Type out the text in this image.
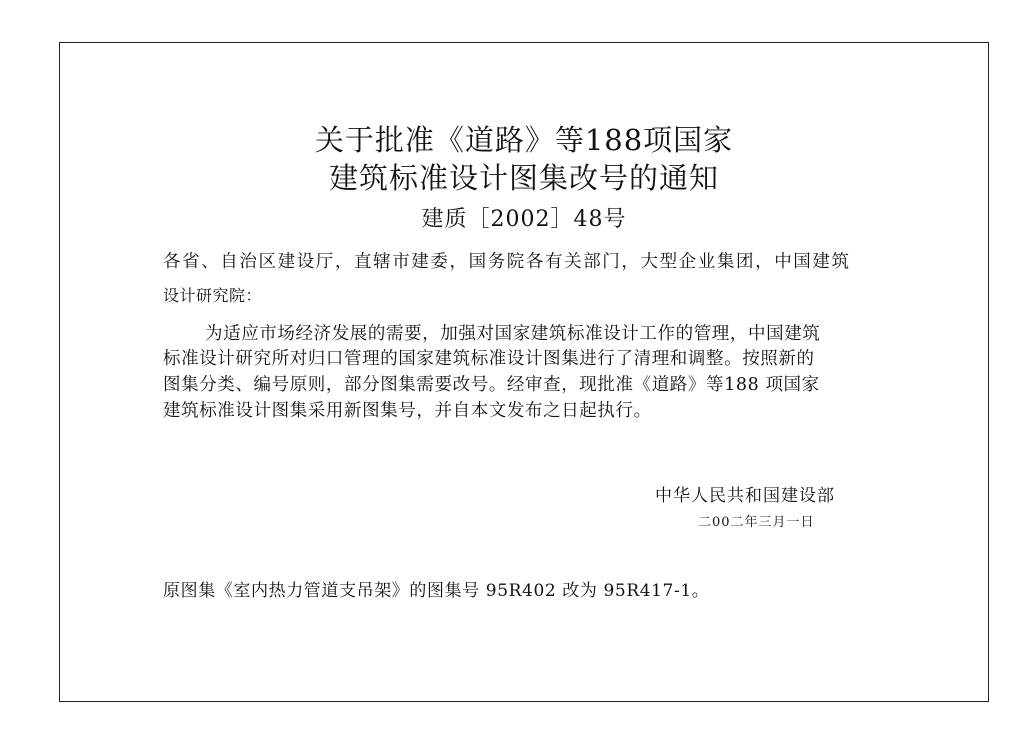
关于批准《道路》等188项国家
建筑标准设计图集改号的通知
建质［2002］48号
各省、自治区建设厅，直辖市建委，国务院各有关部门，大型企业集团，中国建筑
设计研究院：
为适应市场经济发展的需要，加强对国家建筑标准设计工作的管理，中国建筑
标准设计研究所对归口管理的国家建筑标准设计图集进行了清理和调整。按照新的
图集分类、编号原则，部分图集需要改号。经审查，现批准《道路》等188 项国家
建筑标准设计图集采用新图集号，并自本文发布之日起执行。
中华人民共和国建设部
二00二年三月一日
原图集《室内热力管道支吊架》的图集号 95R402 改为 95R417-1。
